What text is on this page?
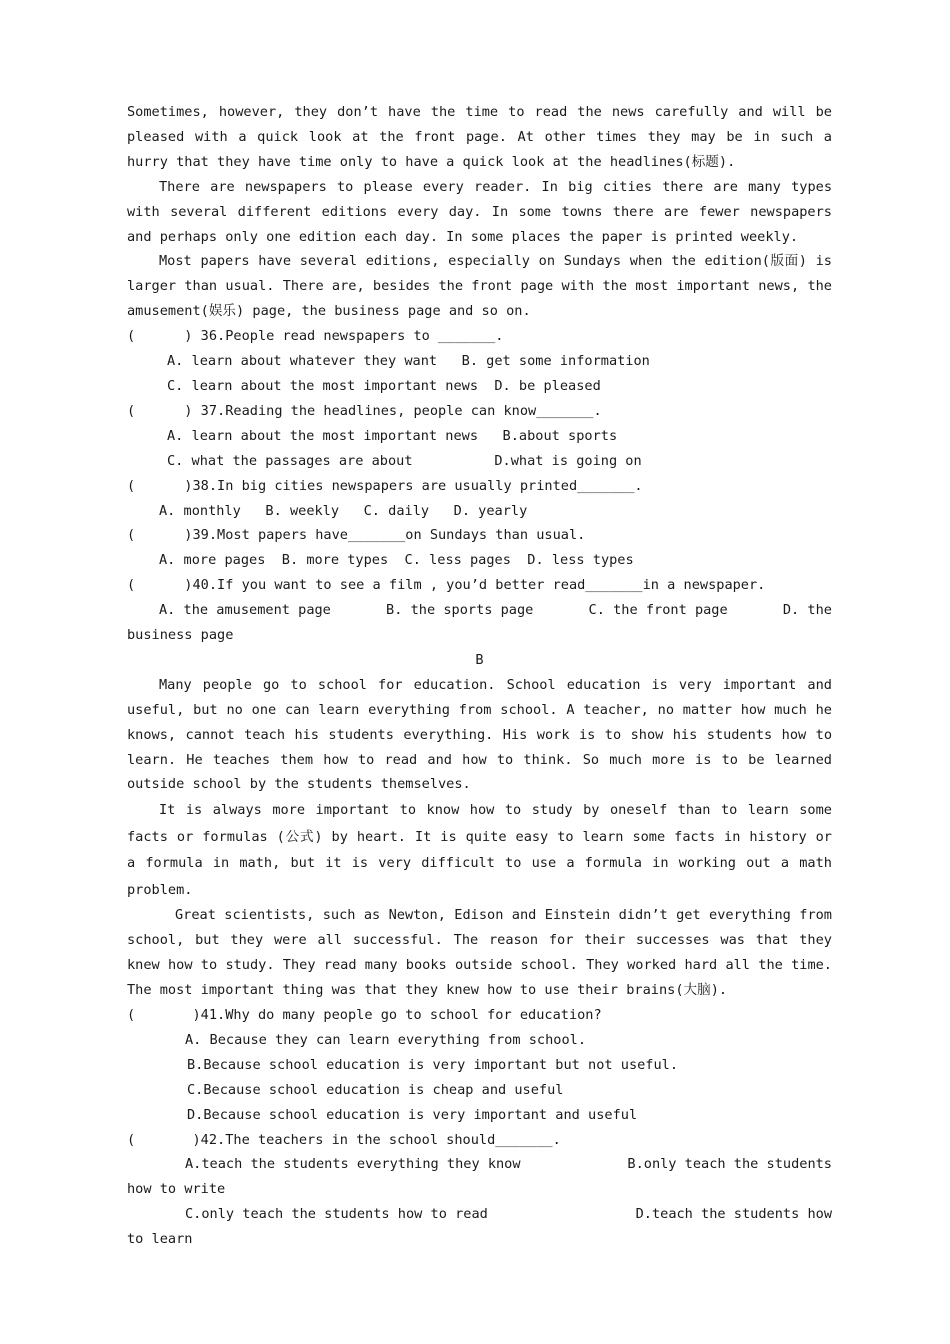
Sometimes, however, they don’t have the time to read the news carefully and will be pleased with a quick look at the front page. At other times they may be in such a hurry that they have time only to have a quick look at the headlines(标题).

There are newspapers to please every reader. In big cities there are many types with several different editions every day. In some towns there are fewer newspapers and perhaps only one edition each day. In some places the paper is printed weekly.

Most papers have several editions, especially on Sundays when the edition(版面) is larger than usual. There are, besides the front page with the most important news, the amusement(娱乐) page, the business page and so on.

(      ) 36.People read newspapers to _______.

A. learn about whatever they want   B. get some information

C. learn about the most important news  D. be pleased

(      ) 37.Reading the headlines, people can know_______.

A. learn about the most important news   B.about sports

C. what the passages are about          D.what is going on

(      )38.In big cities newspapers are usually printed_______.

A. monthly   B. weekly   C. daily   D. yearly

(      )39.Most papers have_______on Sundays than usual.

A. more pages  B. more types  C. less pages  D. less types

(      )40.If you want to see a film , you’d better read_______in a newspaper.

A. the amusement page	B. the sports page	C. the front page	D. the

business page

B

Many people go to school for education. School education is very important and useful, but no one can learn everything from school. A teacher, no matter how much he knows, cannot teach his students everything. His work is to show his students how to learn. He teaches them how to read and how to think. So much more is to be learned outside school by the students themselves.

It is always more important to know how to study by oneself than to learn some facts or formulas (公式) by heart. It is quite easy to learn some facts in history or a formula in math, but it is very difficult to use a formula in working out a math problem.

Great scientists, such as Newton, Edison and Einstein didn’t get everything from school, but they were all successful. The reason for their successes was that they knew how to study. They read many books outside school. They worked hard all the time. The most important thing was that they knew how to use their brains(大脑).

(       )41.Why do many people go to school for education?

A. Because they can learn everything from school.

B.Because school education is very important but not useful.

C.Because school education is cheap and useful

D.Because school education is very important and useful

(       )42.The teachers in the school should_______.

A.teach the students everything they know	B.only teach the students

how to write

C.only teach the students how to read	D.teach the students how

to learn
